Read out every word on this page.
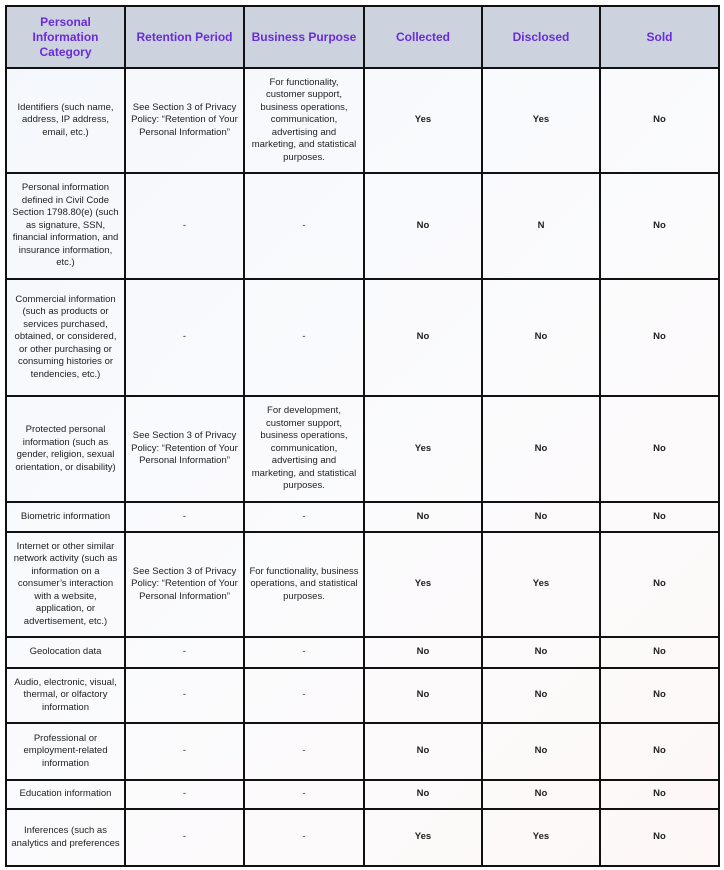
Personal Information Category	Retention Period	Business Purpose	Collected	Disclosed	Sold
Identifiers (such name, address, IP address, email, etc.)	See Section 3 of Privacy Policy: “Retention of Your Personal Information”	For functionality, customer support, business operations, communication, advertising and marketing, and statistical purposes.	Yes	Yes	No
Personal information defined in Civil Code Section 1798.80(e) (such as signature, SSN, financial information, and insurance information, etc.)	-	-	No	N	No
Commercial information (such as products or services purchased, obtained, or considered, or other purchasing or consuming histories or tendencies, etc.)	-	-	No	No	No
Protected personal information (such as gender, religion, sexual orientation, or disability)	See Section 3 of Privacy Policy: “Retention of Your Personal Information”	For development, customer support, business operations, communication, advertising and marketing, and statistical purposes.	Yes	No	No
Biometric information	-	-	No	No	No
Internet or other similar network activity (such as information on a consumer’s interaction with a website, application, or advertisement, etc.)	See Section 3 of Privacy Policy: “Retention of Your Personal Information”	For functionality, business operations, and statistical purposes.	Yes	Yes	No
Geolocation data	-	-	No	No	No
Audio, electronic, visual, thermal, or olfactory information	-	-	No	No	No
Professional or employment-related information	-	-	No	No	No
Education information	-	-	No	No	No
Inferences (such as analytics and preferences	-	-	Yes	Yes	No
